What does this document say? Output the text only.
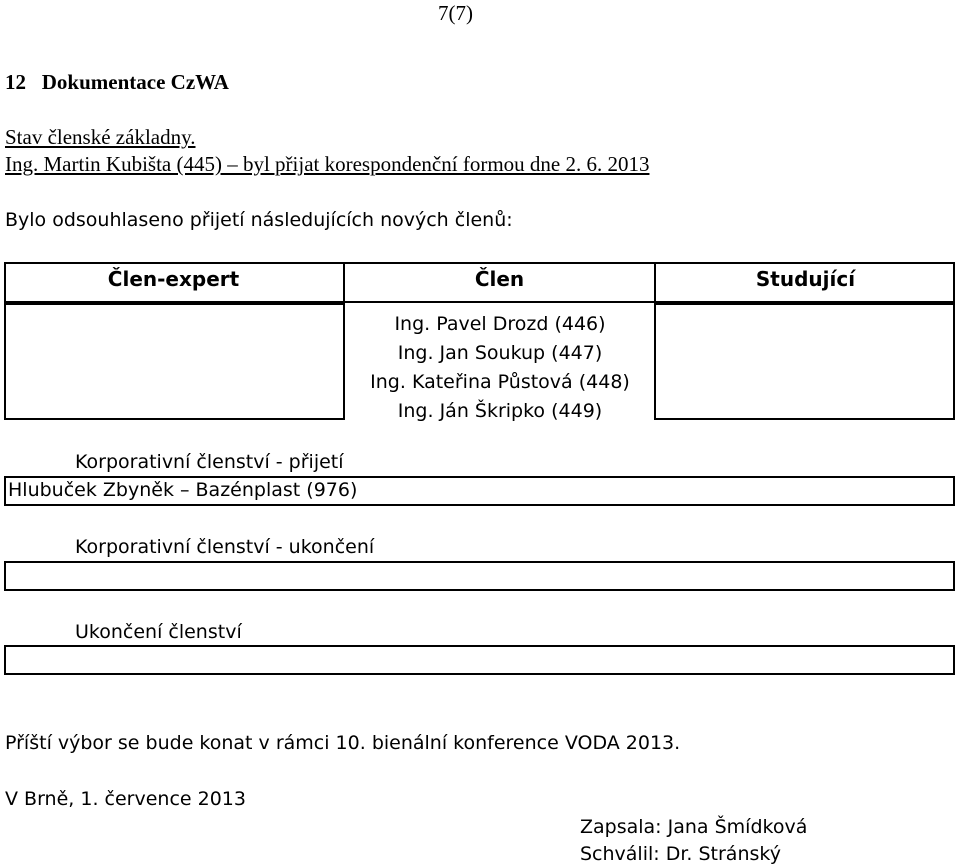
7(7)
12   Dokumentace CzWA
Stav členské základny.
Ing. Martin Kubišta (445) – byl přijat korespondenční formou dne 2. 6. 2013
Bylo odsouhlaseno přijetí následujících nových členů:
Člen-expert	Člen	Studující
Ing. Pavel Drozd (446)
Ing. Jan Soukup (447)
Ing. Kateřina Půstová (448)
Ing. Ján Škripko (449)
Korporativní členství - přijetí
Hlubuček Zbyněk – Bazénplast (976)
Korporativní členství - ukončení
Ukončení členství
Příští výbor se bude konat v rámci 10. bienální konference VODA 2013.
V Brně, 1. července 2013
Zapsala: Jana Šmídková
Schválil: Dr. Stránský
